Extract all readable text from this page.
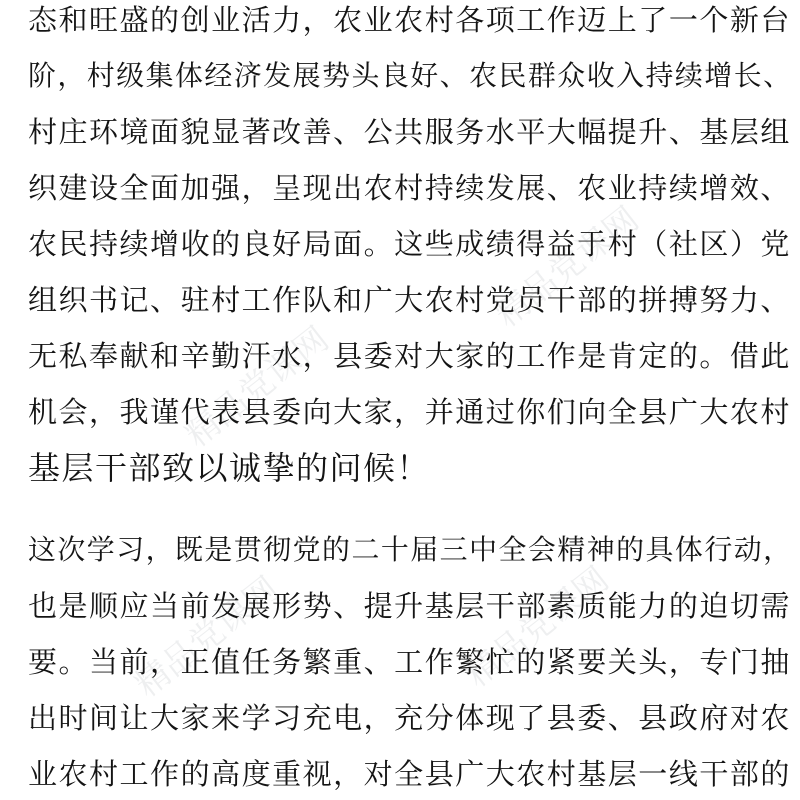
精品党课网
精品党课网
精品党课网
精品党课网
态和旺盛的创业活力，农业农村各项工作迈上了一个新台
阶，村级集体经济发展势头良好、农民群众收入持续增长、
村庄环境面貌显著改善、公共服务水平大幅提升、基层组
织建设全面加强，呈现出农村持续发展、农业持续增效、
农民持续增收的良好局面。这些成绩得益于村（社区）党
组织书记、驻村工作队和广大农村党员干部的拼搏努力、
无私奉献和辛勤汗水，县委对大家的工作是肯定的。借此
机会，我谨代表县委向大家，并通过你们向全县广大农村
基层干部致以诚挚的问候！
这次学习，既是贯彻党的二十届三中全会精神的具体行动，
也是顺应当前发展形势、提升基层干部素质能力的迫切需
要。当前，正值任务繁重、工作繁忙的紧要关头，专门抽
出时间让大家来学习充电，充分体现了县委、县政府对农
业农村工作的高度重视，对全县广大农村基层一线干部的
